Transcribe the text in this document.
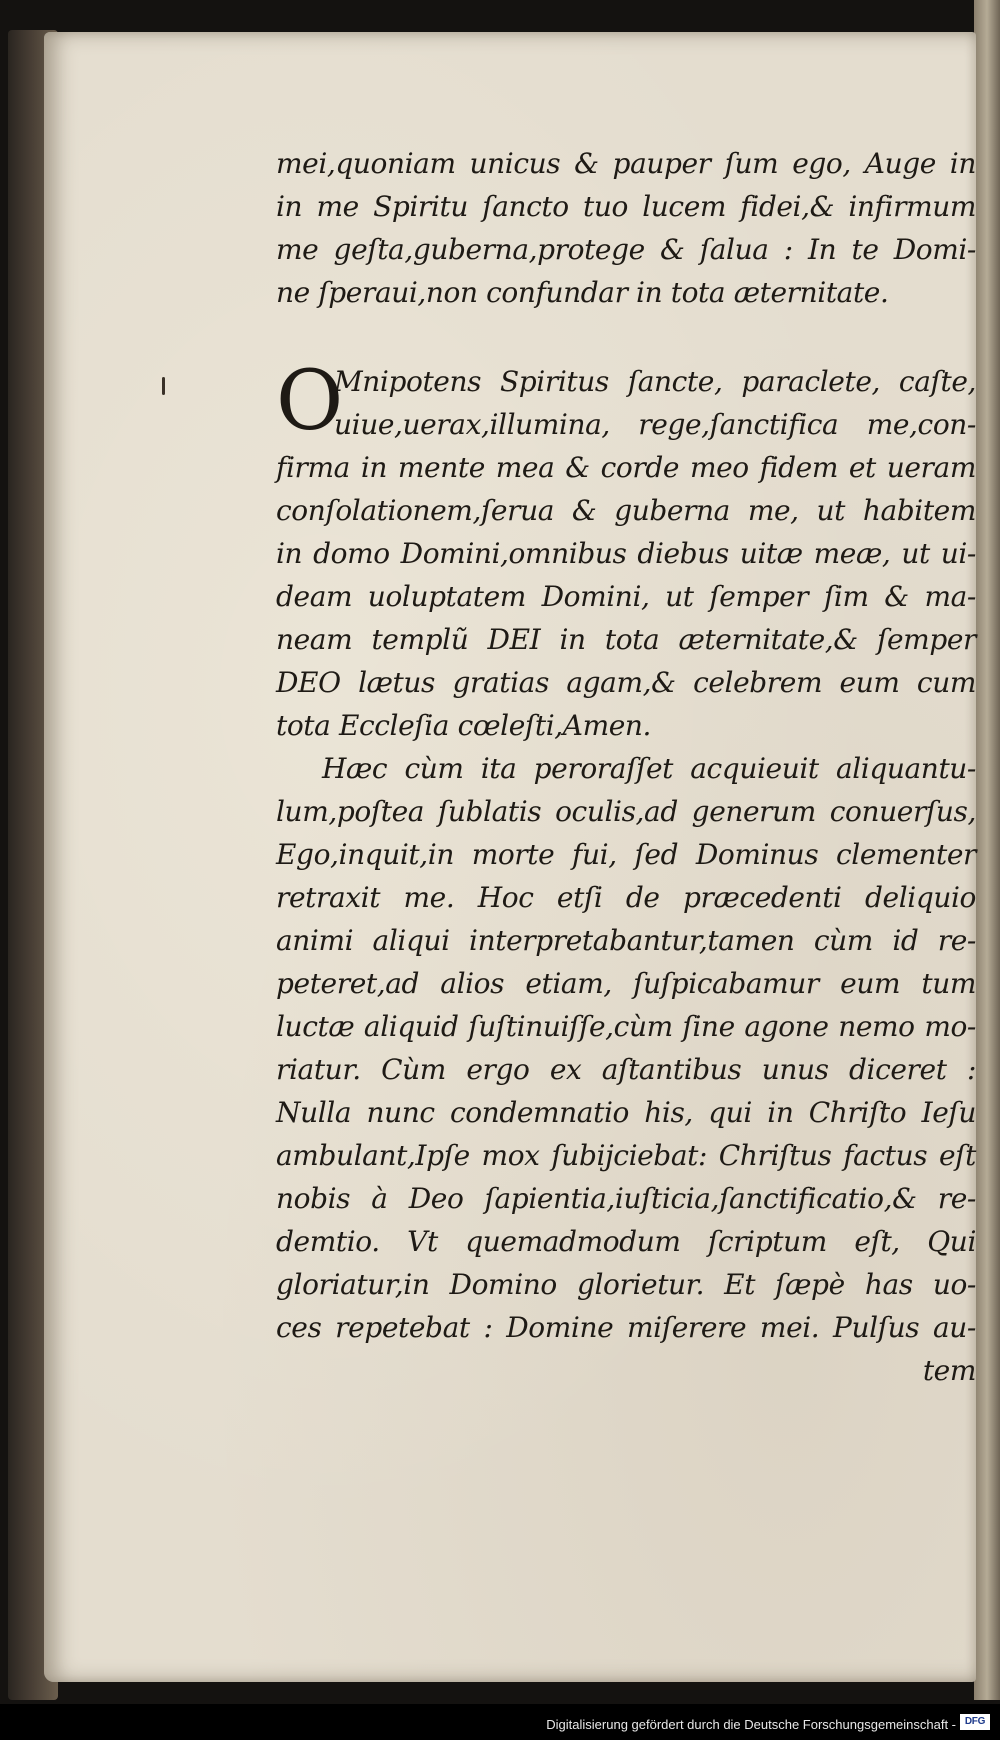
mei,quoniam unicus & pauper ſum ego, Auge in
in me Spiritu ſancto tuo lucem fidei,& infirmum
me geſta,guberna,protege & ſalua : In te Domi-
ne ſperaui,non confundar in tota æternitate.
O
Mnipotens Spiritus ſancte, paraclete, caſte,
uiue,uerax,illumina, rege,ſanctifica me,con-
firma in mente mea & corde meo fidem et ueram
conſolationem,ſerua & guberna me, ut habitem
in domo Domini,omnibus diebus uitæ meæ, ut ui-
deam uoluptatem Domini, ut ſemper ſim & ma-
neam templũ DEI in tota æternitate,& ſemper
DEO lætus gratias agam,& celebrem eum cum
tota Eccleſia cœleſti,Amen.
Hæc cùm ita peroraſſet acquieuit aliquantu-
lum,poſtea ſublatis oculis,ad generum conuerſus,
Ego,inquit,in morte fui, ſed Dominus clementer
retraxit me. Hoc etſi de præcedenti deliquio
animi aliqui interpretabantur,tamen cùm id re-
peteret,ad alios etiam, ſuſpicabamur eum tum
luctæ aliquid ſuſtinuiſſe,cùm ſine agone nemo mo-
riatur. Cùm ergo ex aſtantibus unus diceret :
Nulla nunc condemnatio his, qui in Chriſto Ieſu
ambulant,Ipſe mox ſubijciebat: Chriſtus factus eſt
nobis à Deo ſapientia,iuſticia,ſanctificatio,& re-
demtio. Vt quemadmodum ſcriptum eſt, Qui
gloriatur,in Domino glorietur. Et ſæpè has uo-
ces repetebat : Domine miſerere mei. Pulſus au-
tem
Digitalisierung gefördert durch die Deutsche Forschungsgemeinschaft - DFG
